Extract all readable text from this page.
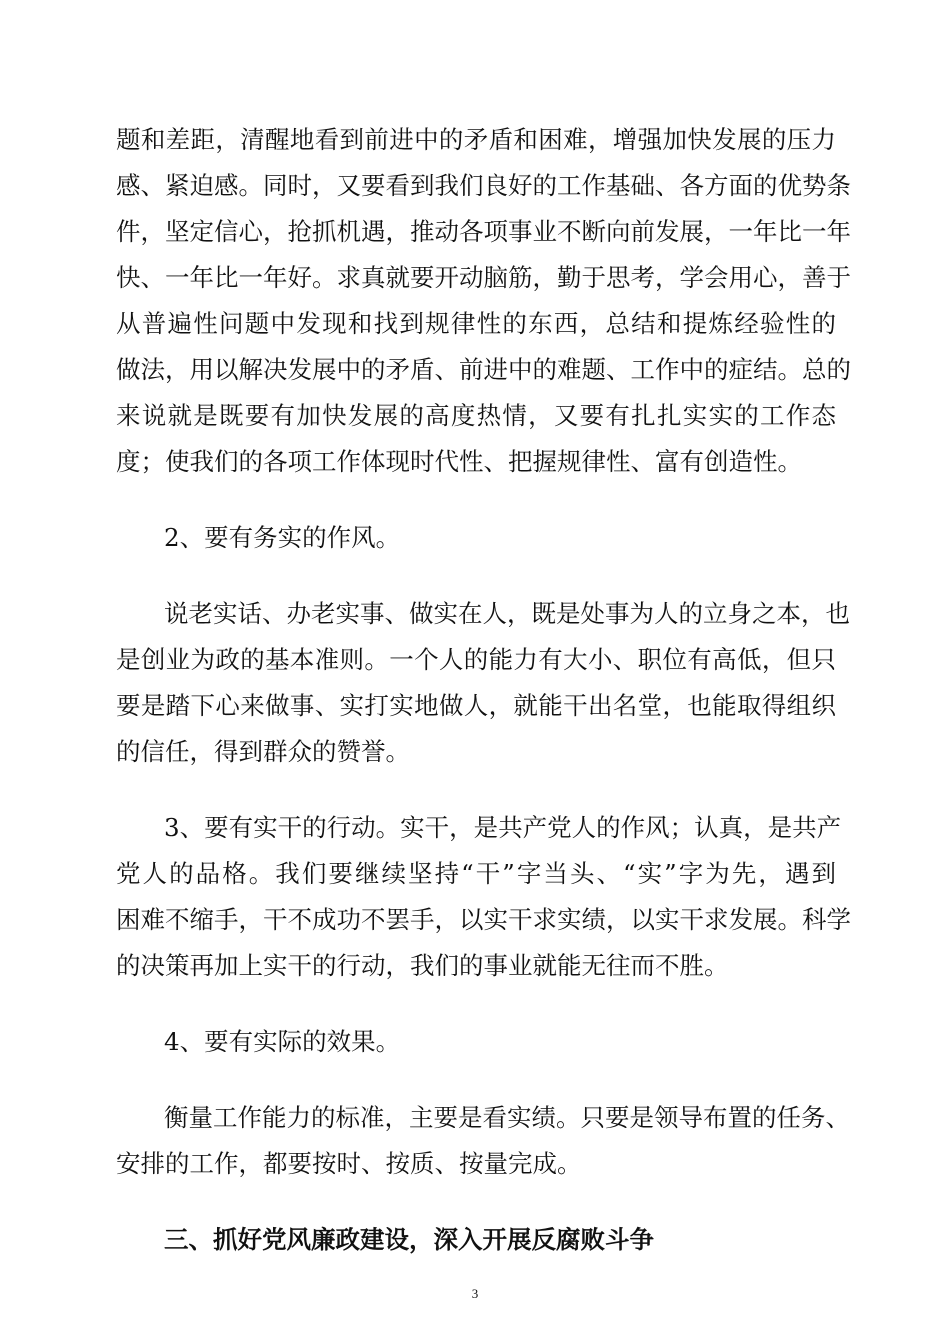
题和差距，清醒地看到前进中的矛盾和困难，增强加快发展的压力
感、紧迫感。同时，又要看到我们良好的工作基础、各方面的优势条
件，坚定信心，抢抓机遇，推动各项事业不断向前发展，一年比一年
快、一年比一年好。求真就要开动脑筋，勤于思考，学会用心，善于
从普遍性问题中发现和找到规律性的东西，总结和提炼经验性的
做法，用以解决发展中的矛盾、前进中的难题、工作中的症结。总的
来说就是既要有加快发展的高度热情，又要有扎扎实实的工作态
度；使我们的各项工作体现时代性、把握规律性、富有创造性。
2、要有务实的作风。
说老实话、办老实事、做实在人，既是处事为人的立身之本，也
是创业为政的基本准则。一个人的能力有大小、职位有高低，但只
要是踏下心来做事、实打实地做人，就能干出名堂，也能取得组织
的信任，得到群众的赞誉。
3、要有实干的行动。实干，是共产党人的作风；认真，是共产
党人的品格。我们要继续坚持“干”字当头、“实”字为先，遇到
困难不缩手，干不成功不罢手，以实干求实绩，以实干求发展。科学
的决策再加上实干的行动，我们的事业就能无往而不胜。
4、要有实际的效果。
衡量工作能力的标准，主要是看实绩。只要是领导布置的任务、
安排的工作，都要按时、按质、按量完成。
三、抓好党风廉政建设，深入开展反腐败斗争
3
